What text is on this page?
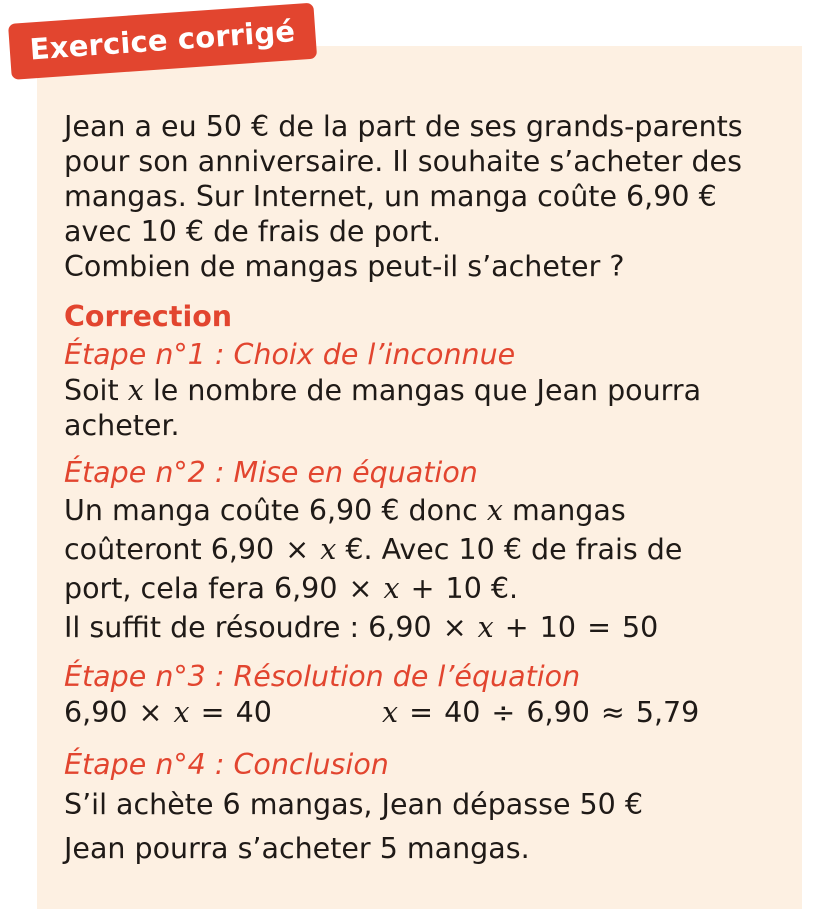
Exercice corrigé

Jean a eu 50 € de la part de ses grands-parents
pour son anniversaire. Il souhaite s’acheter des
mangas. Sur Internet, un manga coûte 6,90 €
avec 10 € de frais de port.
Combien de mangas peut-il s’acheter ?

Correction
Étape n°1 : Choix de l’inconnue
Soit x le nombre de mangas que Jean pourra
acheter.
Étape n°2 : Mise en équation
Un manga coûte 6,90 € donc x mangas
coûteront 6,90 × x €. Avec 10 € de frais de
port, cela fera 6,90 × x + 10 €.
Il suffit de résoudre : 6,90 × x + 10 = 50
Étape n°3 : Résolution de l’équation
6,90 × x = 40	x = 40 ÷ 6,90 ≈ 5,79
Étape n°4 : Conclusion
S’il achète 6 mangas, Jean dépasse 50 €
Jean pourra s’acheter 5 mangas.
